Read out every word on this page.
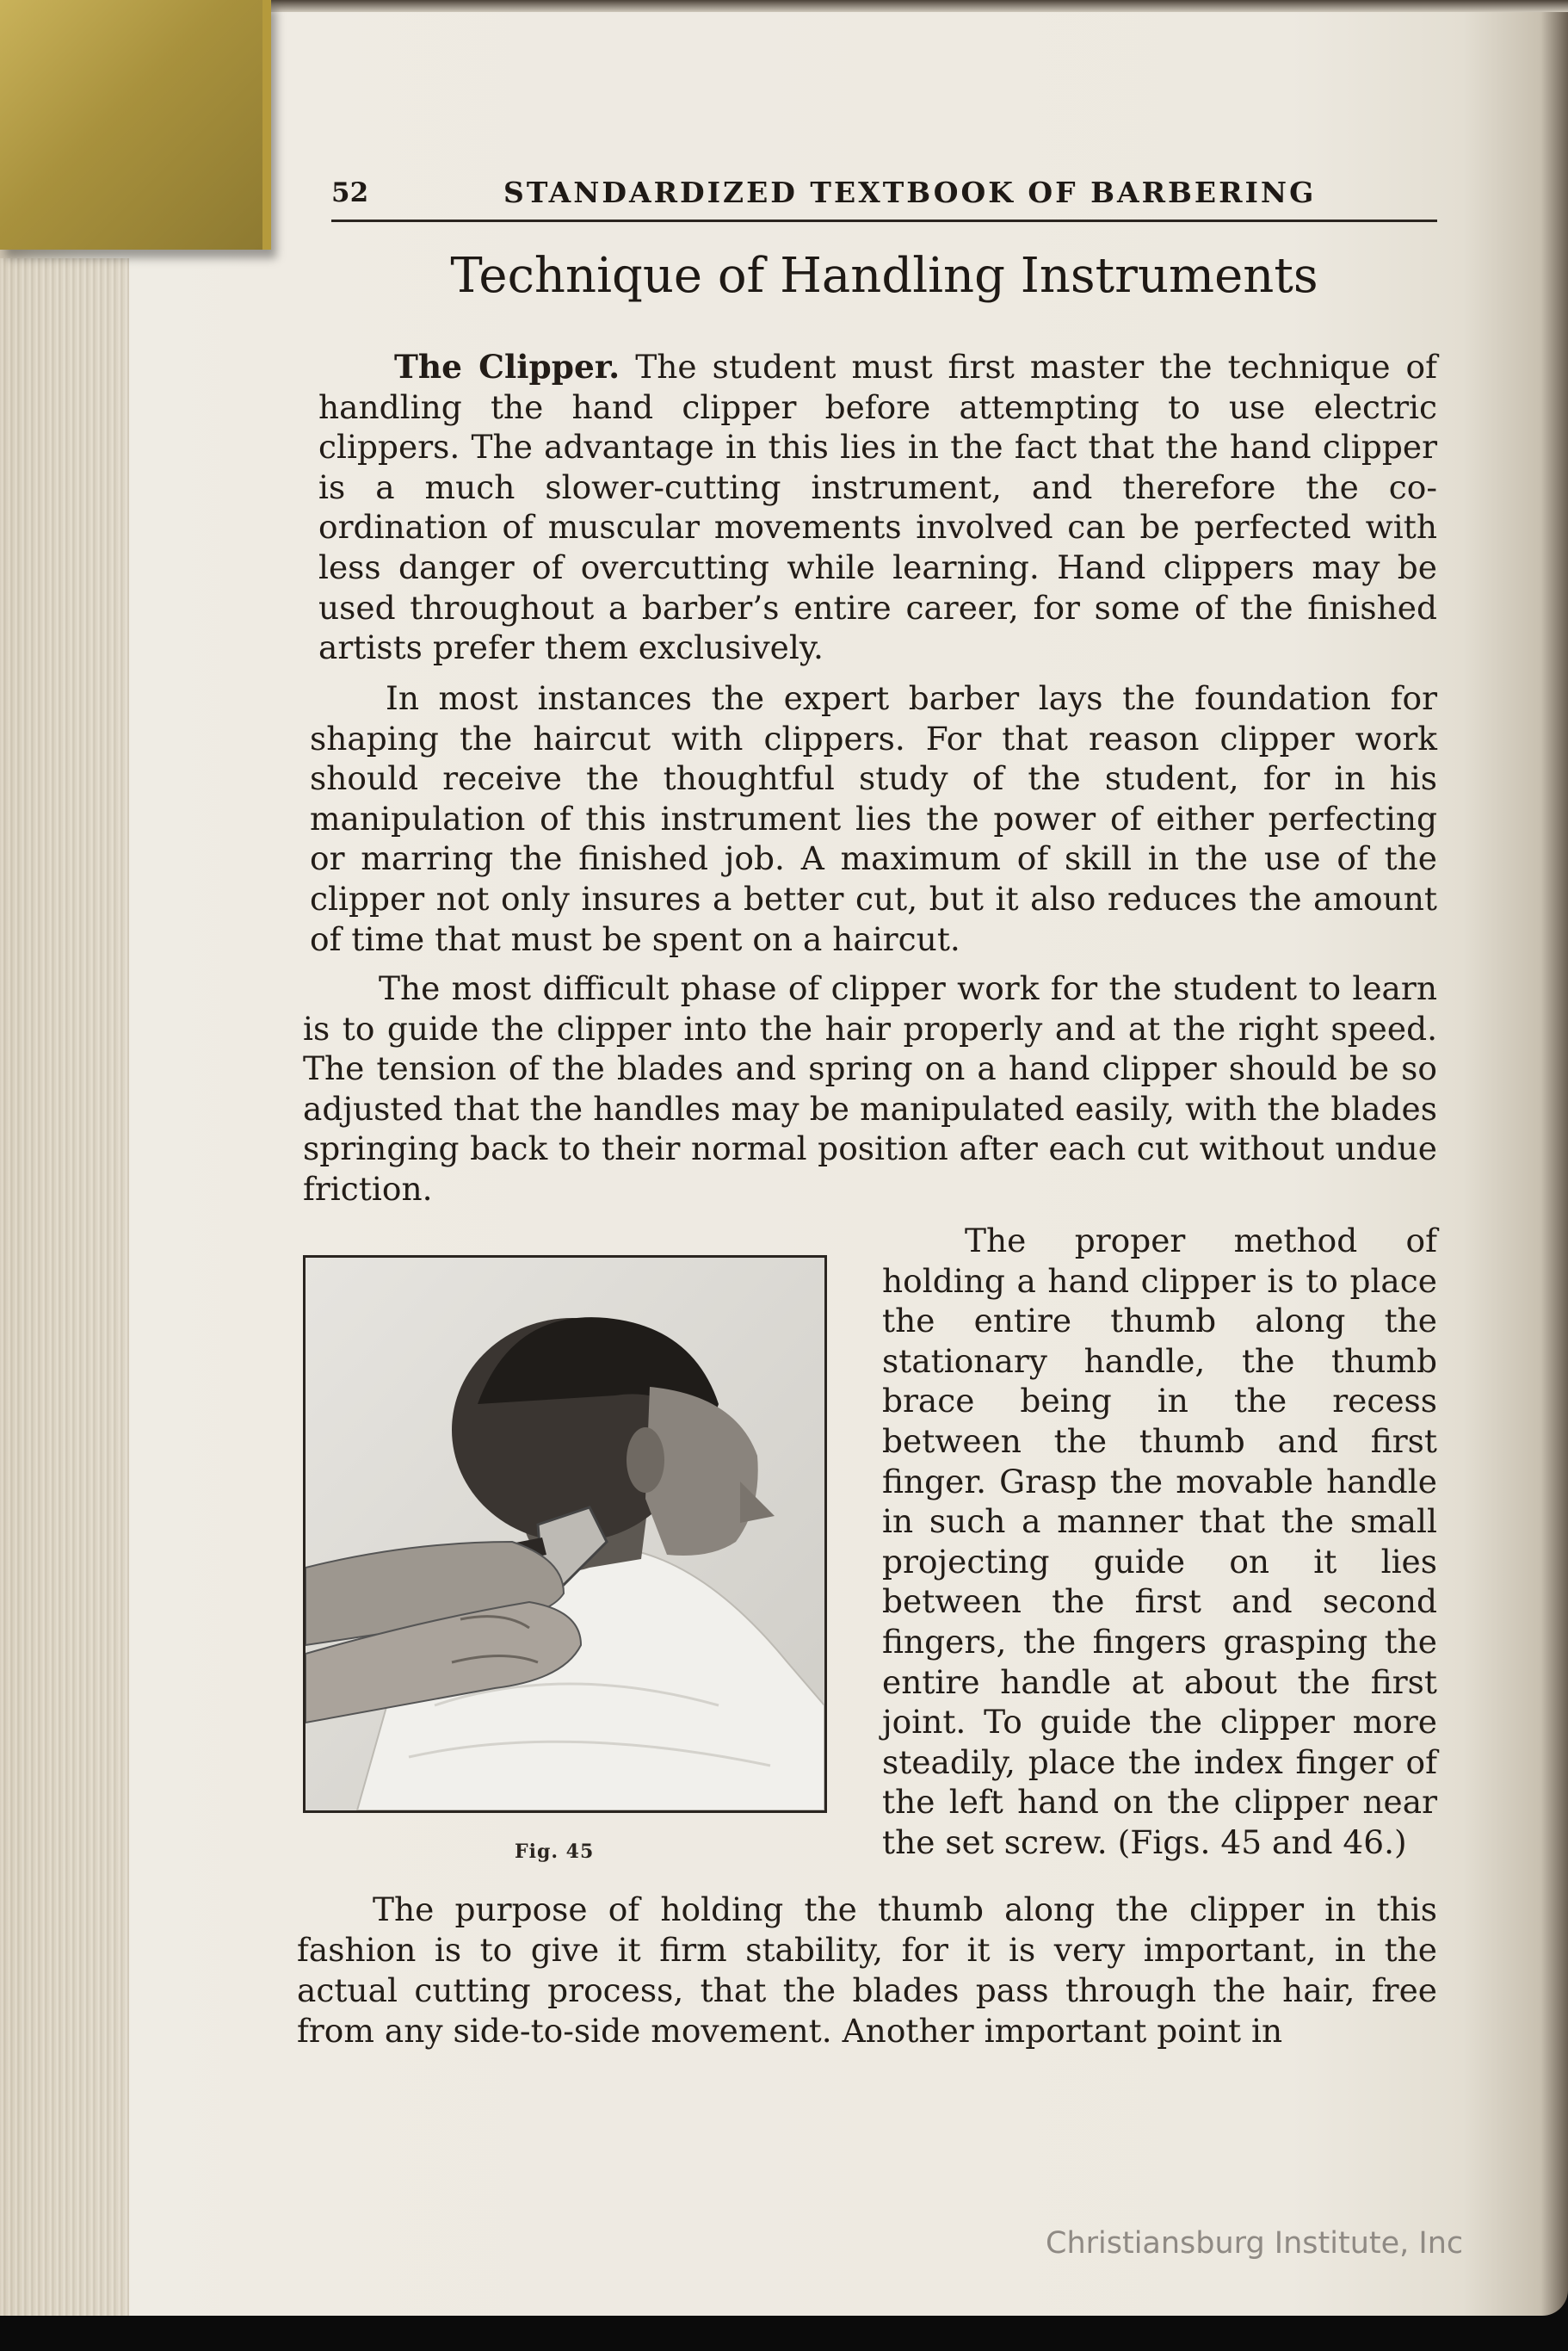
52	STANDARDIZED TEXTBOOK OF BARBERING
Technique of Handling Instruments

The Clipper. The student must first master the technique of handling the hand clipper before attempting to use electric clippers. The advantage in this lies in the fact that the hand clipper is a much slower-cutting instrument, and therefore the co-ordination of muscular movements involved can be perfected with less danger of overcutting while learning. Hand clippers may be used throughout a barber’s entire career, for some of the finished artists prefer them exclusively.

In most instances the expert barber lays the foundation for shaping the haircut with clippers. For that reason clipper work should receive the thoughtful study of the student, for in his manipulation of this instrument lies the power of either perfecting or marring the finished job. A maximum of skill in the use of the clipper not only insures a better cut, but it also reduces the amount of time that must be spent on a haircut.

The most difficult phase of clipper work for the student to learn is to guide the clipper into the hair properly and at the right speed. The tension of the blades and spring on a hand clipper should be so adjusted that the handles may be manipulated easily, with the blades springing back to their normal position after each cut without undue friction.

Fig. 45

The proper method of holding a hand clipper is to place the entire thumb along the stationary handle, the thumb brace being in the recess between the thumb and first finger. Grasp the movable handle in such a manner that the small projecting guide on it lies between the first and second fingers, the fingers grasping the entire handle at about the first joint. To guide the clipper more steadily, place the index finger of the left hand on the clipper near the set screw. (Figs. 45 and 46.)

The purpose of holding the thumb along the clipper in this fashion is to give it firm stability, for it is very important, in the actual cutting process, that the blades pass through the hair, free from any side-to-side movement. Another important point in

Christiansburg Institute, Inc
